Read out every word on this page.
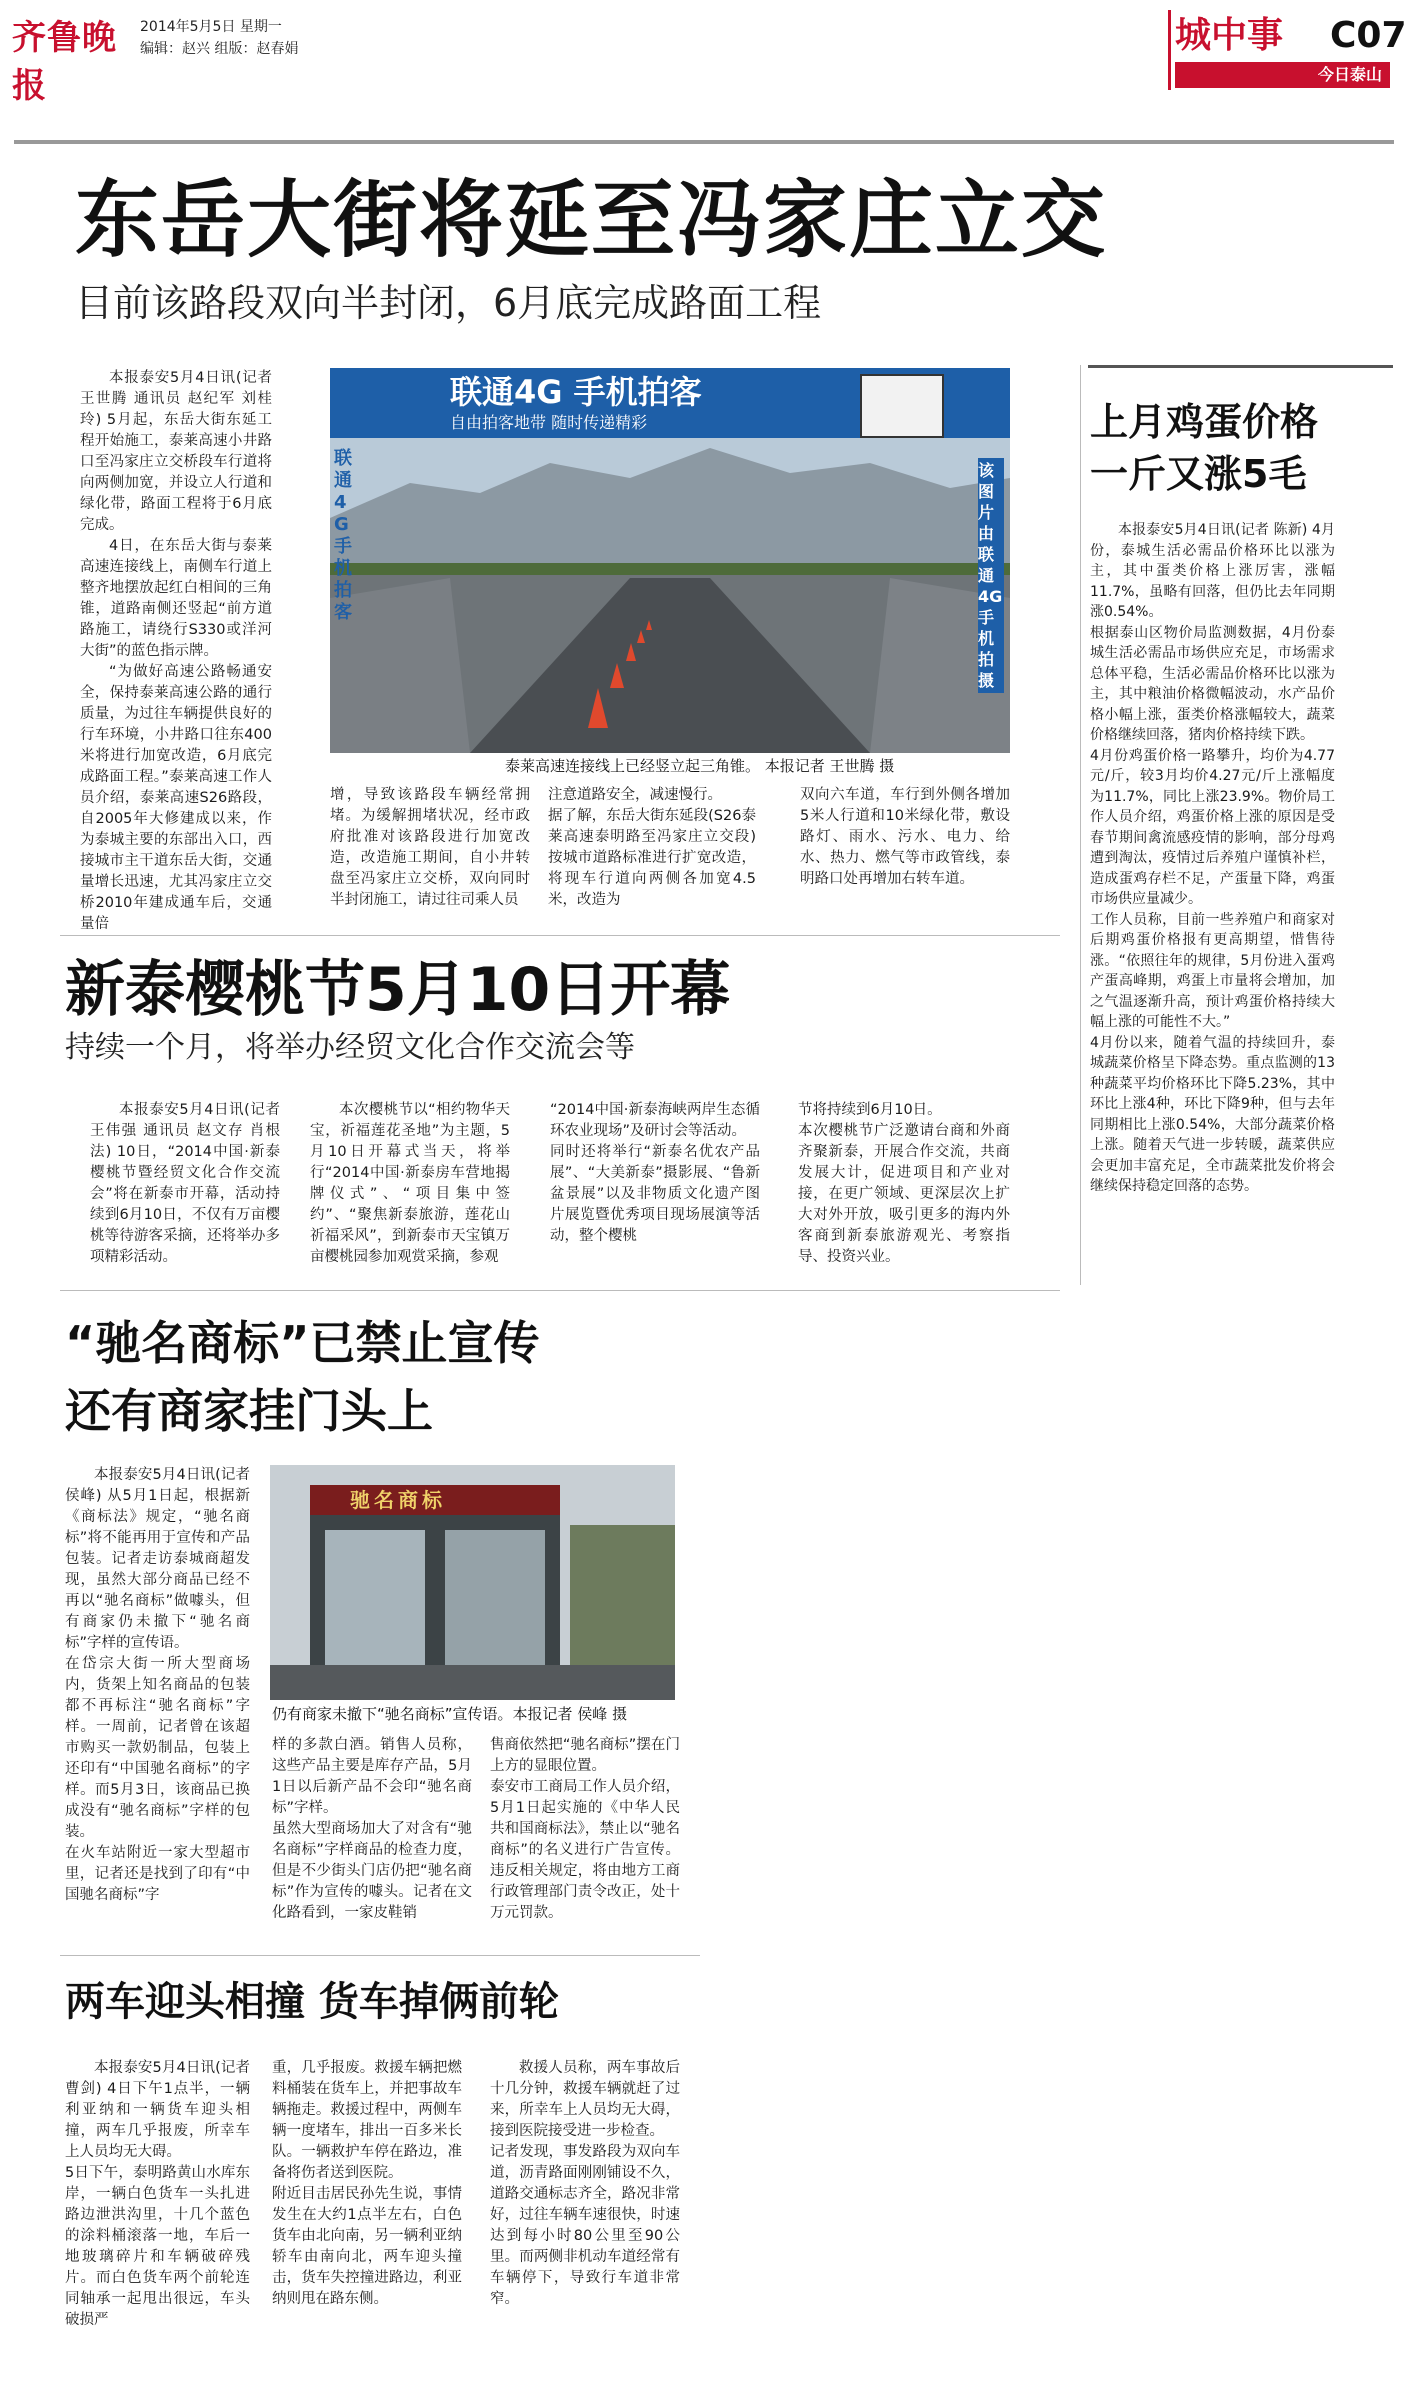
齐鲁晚报
2014年5月5日 星期一
编辑：赵兴 组版：赵春娟	城中事 C07
今日泰山
东岳大街将延至冯家庄立交
目前该路段双向半封闭，6月底完成路面工程

本报泰安5月4日讯(记者 王世腾 通讯员 赵纪军 刘桂玲) 5月起，东岳大街东延工程开始施工，泰莱高速小井路口至冯家庄立交桥段车行道将向两侧加宽，并设立人行道和绿化带，路面工程将于6月底完成。

4日，在东岳大街与泰莱高速连接线上，南侧车行道上整齐地摆放起红白相间的三角锥，道路南侧还竖起“前方道路施工，请绕行S330或洋河大街”的蓝色指示牌。

“为做好高速公路畅通安全，保持泰莱高速公路的通行质量，为过往车辆提供良好的行车环境，小井路口往东400米将进行加宽改造，6月底完成路面工程。”泰莱高速工作人员介绍，泰莱高速S26路段，自2005年大修建成以来，作为泰城主要的东部出入口，西接城市主干道东岳大街，交通量增长迅速，尤其冯家庄立交桥2010年建成通车后，交通量倍

联通4G 手机拍客
自由拍客地带 随时传递精彩
联通4G手机拍客
该图片由联通4G手机拍摄
泰莱高速连接线上已经竖立起三角锥。 本报记者 王世腾 摄

增，导致该路段车辆经常拥堵。为缓解拥堵状况，经市政府批准对该路段进行加宽改造，改造施工期间，自小井转盘至冯家庄立交桥，双向同时半封闭施工，请过往司乘人员

注意道路安全，减速慢行。
据了解，东岳大街东延段(S26泰莱高速泰明路至冯家庄立交段)按城市道路标准进行扩宽改造，将现车行道向两侧各加宽4.5米，改造为

双向六车道，车行到外侧各增加5米人行道和10米绿化带，敷设路灯、雨水、污水、电力、给水、热力、燃气等市政管线，泰明路口处再增加右转车道。

新泰樱桃节5月10日开幕
持续一个月，将举办经贸文化合作交流会等

本报泰安5月4日讯(记者 王伟强 通讯员 赵文存 肖根法) 10日，“2014中国·新泰樱桃节暨经贸文化合作交流会”将在新泰市开幕，活动持续到6月10日，不仅有万亩樱桃等待游客采摘，还将举办多项精彩活动。

本次樱桃节以“相约物华天宝，祈福莲花圣地”为主题，5月10日开幕式当天，将举行“2014中国·新泰房车营地揭牌仪式”、“项目集中签约”、“聚焦新泰旅游，莲花山祈福采风”，到新泰市天宝镇万亩樱桃园参加观赏采摘，参观

“2014中国·新泰海峡两岸生态循环农业现场”及研讨会等活动。
同时还将举行“新泰名优农产品展”、“大美新泰”摄影展、“鲁新盆景展”以及非物质文化遗产图片展览暨优秀项目现场展演等活动，整个樱桃

节将持续到6月10日。
本次樱桃节广泛邀请台商和外商齐聚新泰，开展合作交流，共商发展大计，促进项目和产业对接，在更广领域、更深层次上扩大对外开放，吸引更多的海内外客商到新泰旅游观光、考察指导、投资兴业。

“驰名商标”已禁止宣传
还有商家挂门头上

本报泰安5月4日讯(记者 侯峰) 从5月1日起，根据新《商标法》规定，“驰名商标”将不能再用于宣传和产品包装。记者走访泰城商超发现，虽然大部分商品已经不再以“驰名商标”做噱头，但有商家仍未撤下“驰名商标”字样的宣传语。
在岱宗大街一所大型商场内，货架上知名商品的包装都不再标注“驰名商标”字样。一周前，记者曾在该超市购买一款奶制品，包装上还印有“中国驰名商标”的字样。而5月3日，该商品已换成没有“驰名商标”字样的包装。
在火车站附近一家大型超市里，记者还是找到了印有“中国驰名商标”字

驰名商标
仍有商家未撤下“驰名商标”宣传语。本报记者 侯峰 摄

样的多款白酒。销售人员称，这些产品主要是库存产品，5月1日以后新产品不会印“驰名商标”字样。
虽然大型商场加大了对含有“驰名商标”字样商品的检查力度，但是不少街头门店仍把“驰名商标”作为宣传的噱头。记者在文化路看到，一家皮鞋销

售商依然把“驰名商标”摆在门上方的显眼位置。
泰安市工商局工作人员介绍，5月1日起实施的《中华人民共和国商标法》，禁止以“驰名商标”的名义进行广告宣传。违反相关规定，将由地方工商行政管理部门责令改正，处十万元罚款。

两车迎头相撞 货车掉俩前轮

本报泰安5月4日讯(记者 曹剑) 4日下午1点半，一辆利亚纳和一辆货车迎头相撞，两车几乎报废，所幸车上人员均无大碍。
5日下午，泰明路黄山水库东岸，一辆白色货车一头扎进路边泄洪沟里，十几个蓝色的涂料桶滚落一地，车后一地玻璃碎片和车辆破碎残片。而白色货车两个前轮连同轴承一起甩出很远，车头破损严

重，几乎报废。救援车辆把燃料桶装在货车上，并把事故车辆拖走。救援过程中，两侧车辆一度堵车，排出一百多米长队。一辆救护车停在路边，准备将伤者送到医院。
附近目击居民孙先生说，事情发生在大约1点半左右，白色货车由北向南，另一辆利亚纳轿车由南向北，两车迎头撞击，货车失控撞进路边，利亚纳则甩在路东侧。

救援人员称，两车事故后十几分钟，救援车辆就赶了过来，所幸车上人员均无大碍，接到医院接受进一步检查。
记者发现，事发路段为双向车道，沥青路面刚刚铺设不久，道路交通标志齐全，路况非常好，过往车辆车速很快，时速达到每小时80公里至90公里。而两侧非机动车道经常有车辆停下，导致行车道非常窄。

上月鸡蛋价格
一斤又涨5毛

本报泰安5月4日讯(记者 陈新) 4月份，泰城生活必需品价格环比以涨为主，其中蛋类价格上涨厉害，涨幅11.7%，虽略有回落，但仍比去年同期涨0.54%。
根据泰山区物价局监测数据，4月份泰城生活必需品市场供应充足，市场需求总体平稳，生活必需品价格环比以涨为主，其中粮油价格微幅波动，水产品价格小幅上涨，蛋类价格涨幅较大，蔬菜价格继续回落，猪肉价格持续下跌。
4月份鸡蛋价格一路攀升，均价为4.77元/斤，较3月均价4.27元/斤上涨幅度为11.7%，同比上涨23.9%。物价局工作人员介绍，鸡蛋价格上涨的原因是受春节期间禽流感疫情的影响，部分母鸡遭到淘汰，疫情过后养殖户谨慎补栏，造成蛋鸡存栏不足，产蛋量下降，鸡蛋市场供应量减少。
工作人员称，目前一些养殖户和商家对后期鸡蛋价格报有更高期望，惜售待涨。“依照往年的规律，5月份进入蛋鸡产蛋高峰期，鸡蛋上市量将会增加，加之气温逐渐升高，预计鸡蛋价格持续大幅上涨的可能性不大。”
4月份以来，随着气温的持续回升，泰城蔬菜价格呈下降态势。重点监测的13种蔬菜平均价格环比下降5.23%，其中环比上涨4种，环比下降9种，但与去年同期相比上涨0.54%，大部分蔬菜价格上涨。随着天气进一步转暖，蔬菜供应会更加丰富充足，全市蔬菜批发价将会继续保持稳定回落的态势。
